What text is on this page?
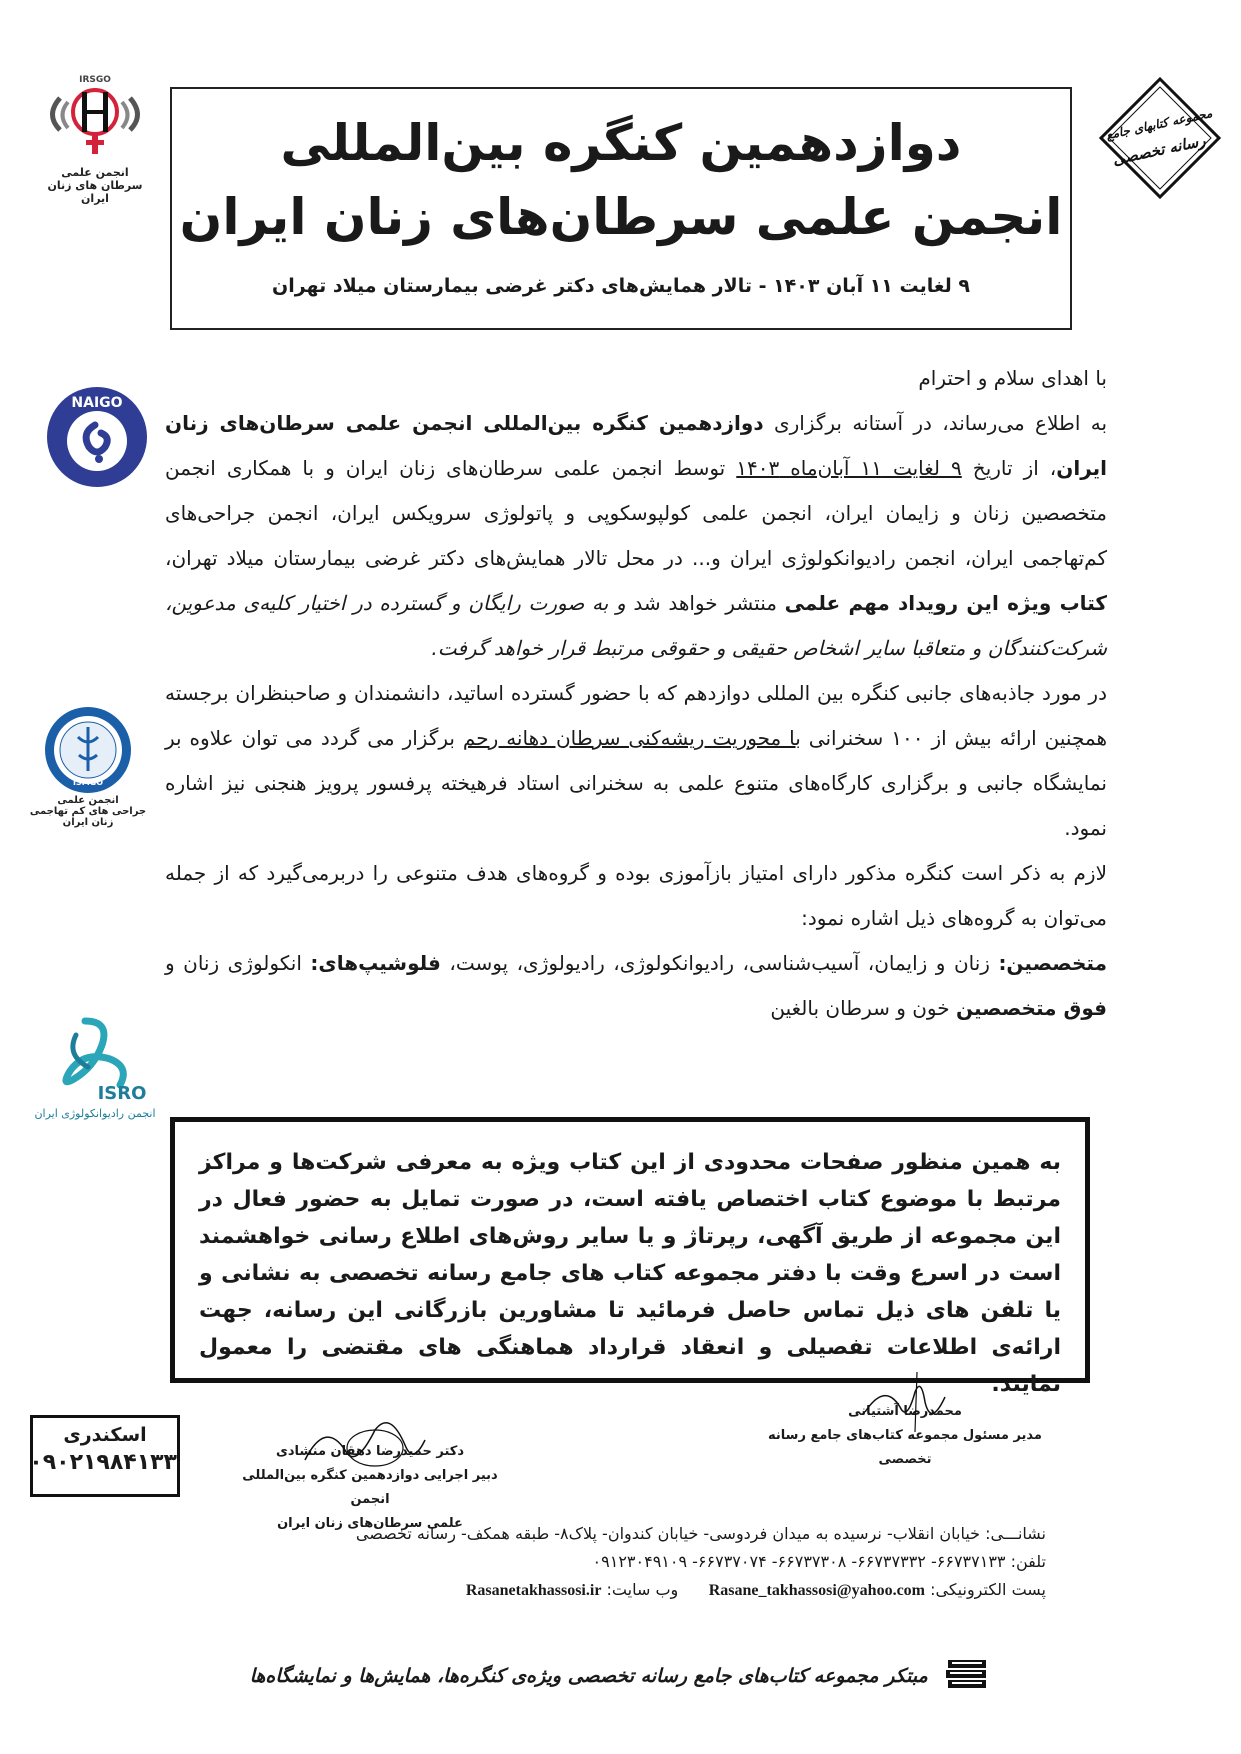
IRSGO
انجمن علمی
سرطان های زنان ایران
مجموعه کتابهای جامع
رسانه تخصصی
دوازدهمین کنگره بین‌المللی
انجمن علمی سرطان‌های زنان ایران
۹ لغایت ۱۱ آبان ۱۴۰۳ - تالار همایش‌های دکتر غرضی بیمارستان میلاد تهران
NAIGO
ISMGO
انجمن علمی
جراحی های کم تهاجمی زنان ایران
ISRO
انجمن رادیوانکولوژی ایران

با اهدای سلام و احترام

به اطلاع می‌رساند، در آستانه برگزاری دوازدهمین کنگره بین‌المللی انجمن علمی سرطان‌های زنان ایران، از تاریخ ۹ لغایت ۱۱ آبان‌ماه ۱۴۰۳ توسط انجمن علمی سرطان‌های زنان ایران و با همکاری انجمن متخصصین زنان و زایمان ایران، انجمن علمی کولپوسکوپی و پاتولوژی سرویکس ایران، انجمن جراحی‌های کم‌تهاجمی ایران، انجمن رادیوانکولوژی ایران و... در محل تالار همایش‌های دکتر غرضی بیمارستان میلاد تهران، کتاب ویژه این رویداد مهم علمی منتشر خواهد شد و به صورت رایگان و گسترده در اختیار کلیه‌ی مدعوین، شرکت‌کنندگان و متعاقبا سایر اشخاص حقیقی و حقوقی مرتبط قرار خواهد گرفت.

در مورد جاذبه‌های جانبی کنگره بین المللی دوازدهم که با حضور گسترده اساتید، دانشمندان و صاحبنظران برجسته همچنین ارائه بیش از ۱۰۰ سخنرانی با محوریت ریشه‌کنی سرطان دهانه رحم برگزار می گردد می توان علاوه بر نمایشگاه جانبی و برگزاری کارگاه‌های متنوع علمی به سخنرانی استاد فرهیخته پرفسور پرویز هنجنی نیز اشاره نمود.

لازم به ذکر است کنگره مذکور دارای امتیاز بازآموزی بوده و گروه‌های هدف متنوعی را دربرمی‌گیرد که از جمله می‌توان به گروه‌های ذیل اشاره نمود:

متخصصین: زنان و زایمان، آسیب‌شناسی، رادیوانکولوژی، رادیولوژی، پوست، فلوشیپ‌های: انکولوژی زنان و فوق متخصصین خون و سرطان بالغین

به همین منظور صفحات محدودی از این کتاب ویژه به معرفی شرکت‌ها و مراکز مرتبط با موضوع کتاب اختصاص یافته است، در صورت تمایل به حضور فعال در این مجموعه از طریق آگهی، رپرتاژ و یا سایر روش‌های اطلاع رسانی خواهشمند است در اسرع وقت با دفتر مجموعه کتاب های جامع رسانه تخصصی به نشانی و یا تلفن های ذیل تماس حاصل فرمائید تا مشاورین بازرگانی این رسانه، جهت ارائه‌ی اطلاعات تفصیلی و انعقاد قرارداد هماهنگی های مقتضی را معمول نمایند.
محمدرضا آشتیانی
مدیر مسئول مجموعه کتاب‌های جامع رسانه تخصصی
دکتر حمیدرضا دهقان منشادی
دبیر اجرایی دوازدهمین کنگره بین‌المللی انجمن
علمی سرطان‌های زنان ایران
اسکندری
۰۹۰۲۱۹۸۴۱۳۳
نشانـــی: خیابان انقلاب- نرسیده به میدان فردوسی- خیابان کندوان- پلاک۸- طبقه همکف- رسانه تخصصی
تلفن: ۶۶۷۳۷۱۳۳- ۶۶۷۳۷۳۳۲- ۶۶۷۳۷۳۰۸- ۶۶۷۳۷۰۷۴- ۰۹۱۲۳۰۴۹۱۰۹
پست الکترونیکی: Rasane_takhassosi@yahoo.com      وب سایت: Rasanetakhassosi.ir
مبتکر مجموعه کتاب‌های جامع رسانه تخصصی ویژه‌ی کنگره‌ها، همایش‌ها و نمایشگاه‌ها
